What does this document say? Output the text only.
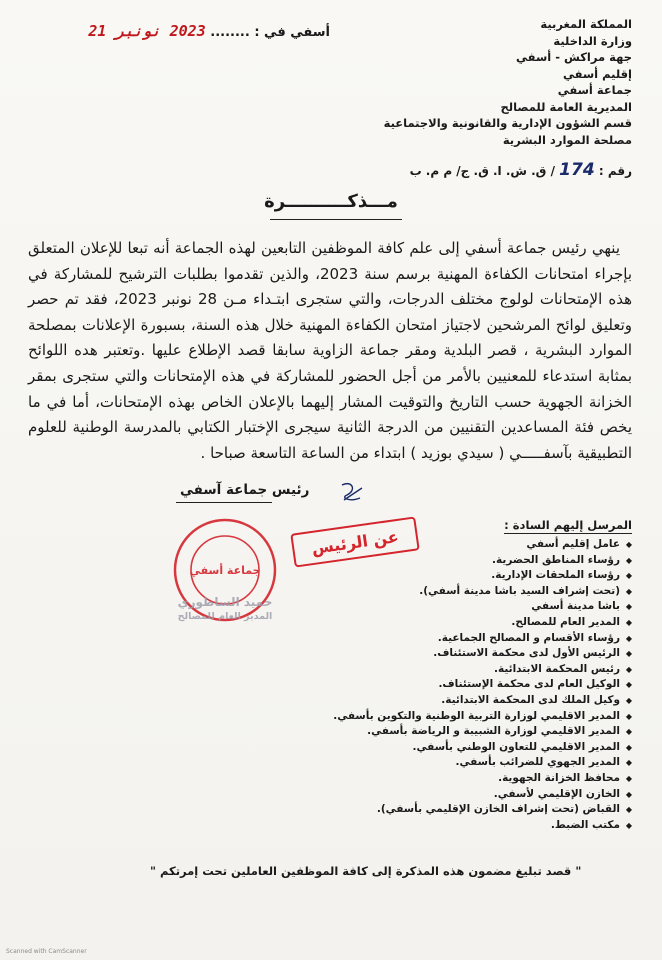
المملكة المغربية
وزارة الداخلية
جهة مراكش - أسفي
إقليم أسفي
جماعة أسفي
المديرية العامة للمصالح
قسم الشؤون الإدارية والقانونية والاجتماعية
مصلحة الموارد البشرية
أسفي في : ........ 2023 نونبر 21
رقم : 174 / ق. ش. ا. ق. ج/ م م. ب
مـــذكــــــــــرة

ينهي رئيس جماعة أسفي إلى علم كافة الموظفين التابعين لهذه الجماعة أنه تبعا للإعلان المتعلق بإجراء امتحانات الكفاءة المهنية برسم سنة 2023، والذين تقدموا بطلبات الترشيح للمشاركة في هذه الإمتحانات لولوج مختلف الدرجات، والتي ستجرى ابتـداء مـن 28 نونبر 2023، فقد تم حصر وتعليق لوائح المرشحين لاجتياز امتحان الكفاءة المهنية خلال هذه السنة، بسبورة الإعلانات بمصلحة الموارد البشرية ، قصر البلدية ومقر جماعة الزاوية سابقا قصد الإطلاع عليها .وتعتبر هده اللوائح بمثابة استدعاء للمعنيين بالأمر من أجل الحضور للمشاركة في هذه الإمتحانات والتي ستجرى بمقر الخزانة الجهوية حسب التاريخ والتوقيت المشار إليهما بالإعلان الخاص بهذه الإمتحانات، أما في ما يخص فئة المساعدين التقنيين من الدرجة الثانية سيجرى الإختبار الكتابي بالمدرسة الوطنية للعلوم التطبيقية بآسفـــــي ( سيدي بوزيد ) ابتداء من الساعة التاسعة صباحا .

رئيس جماعة آسفي
جماعة أسفي
عن الرئيس
حميد الساطوري
المدير العام للمصالح
المرسل إليهم السادة :
◆ عامل إقليم أسفي
◆ رؤساء المناطق الحضرية.
◆ رؤساء الملحقات الإدارية.
◆ (تحت إشراف السيد باشا مدينة أسفي).
◆ باشا مدينة أسفي
◆ المدير العام للمصالح.
◆ رؤساء الأقسام و المصالح الجماعية.
◆ الرئيس الأول لدى محكمة الاستئناف.
◆ رئيس المحكمة الابتدائية.
◆ الوكيل العام لدى محكمة الإستئناف.
◆ وكيل الملك لدى المحكمة الابتدائية.
◆ المدير الاقليمي لوزارة التربية الوطنية والتكوين بأسفي.
◆ المدير الاقليمي لوزارة الشبيبة و الرياضة بأسفي.
◆ المدير الاقليمي للتعاون الوطني بأسفي.
◆ المدير الجهوي للضرائب بأسفي.
◆ محافظ الخزانة الجهوية.
◆ الخازن الإقليمي لأسفي.
◆ القباض (تحت إشراف الخازن الإقليمي بأسفي).
◆ مكتب الضبط.
" قصد تبليغ مضمون هذه المذكرة إلى كافة الموظفين العاملين تحت إمرتكم "
Scanned with CamScanner
